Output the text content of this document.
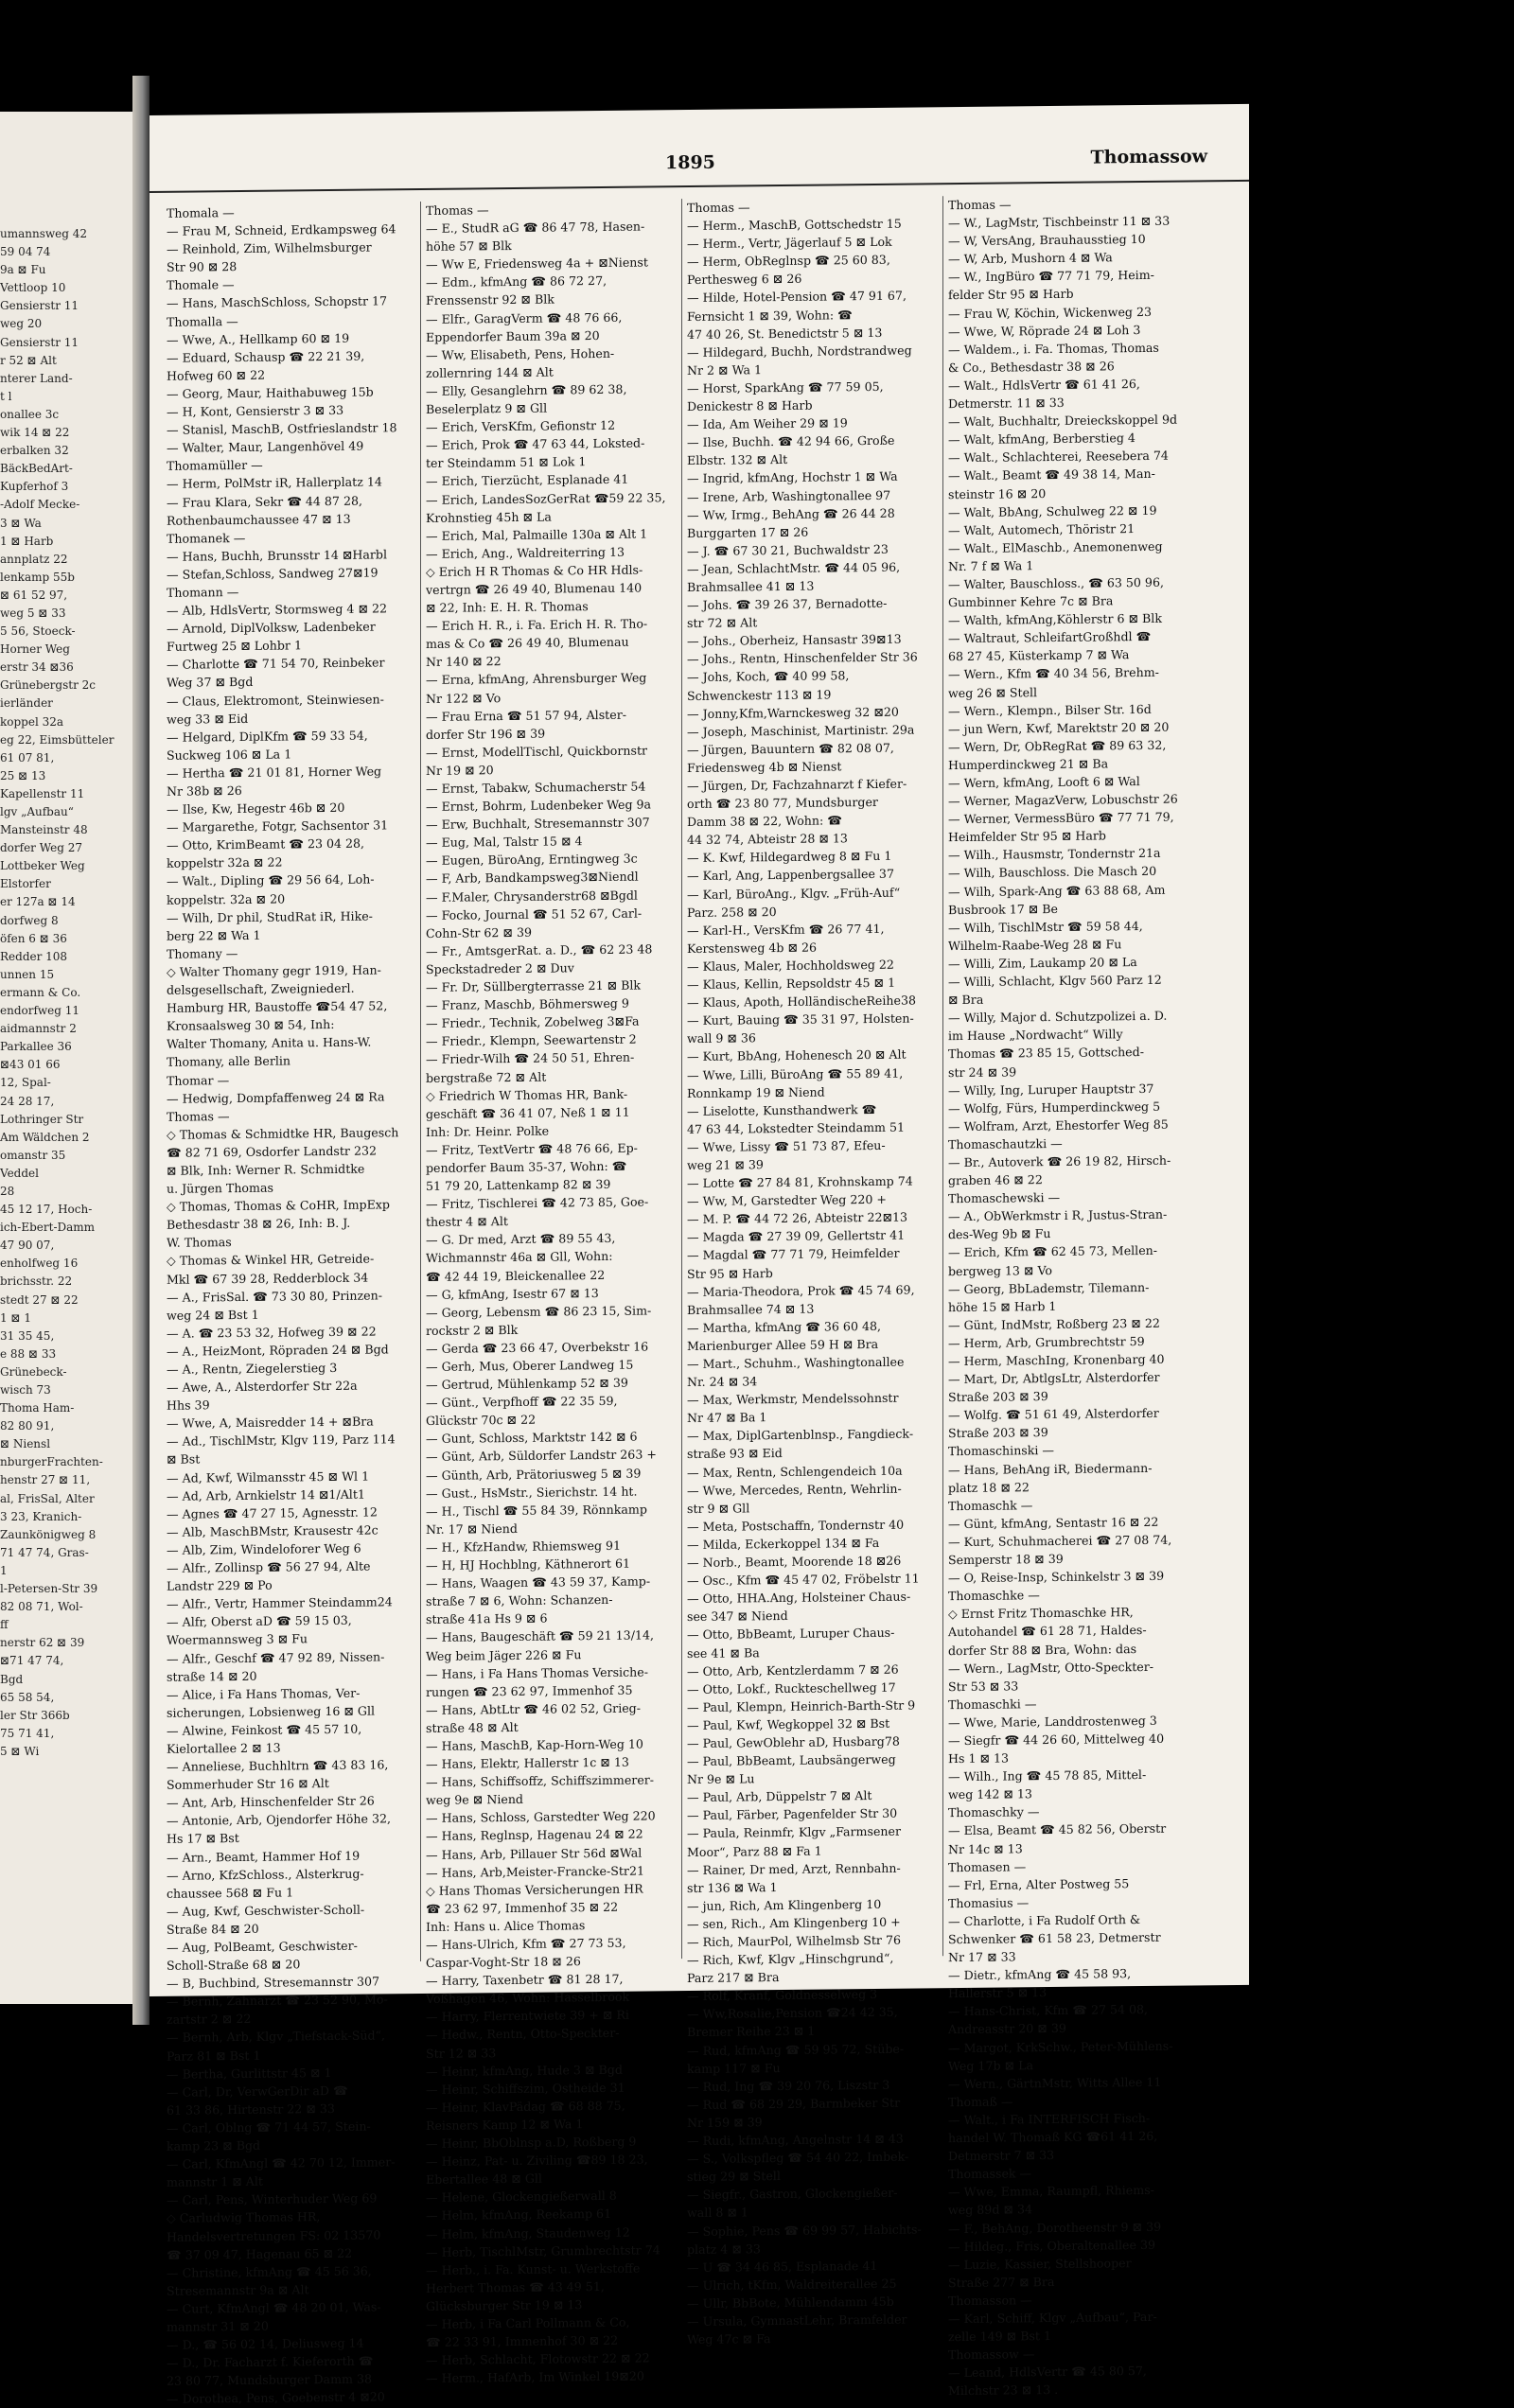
umannsweg 42
59 04 74
9a ⊠ Fu
Vettloop 10
Gensierstr 11
weg 20
Gensierstr 11
r 52 ⊠ Alt
nterer Land-
t l
onallee 3c
wik 14 ⊠ 22
erbalken 32
BäckBedArt-
Kupferhof 3
-Adolf Mecke-
3 ⊠ Wa
1 ⊠ Harb
annplatz 22
lenkamp 55b
⊠ 61 52 97,
weg 5 ⊠ 33
5 56, Stoeck-
Horner Weg
erstr 34 ⊠36
Grünebergstr 2c
ierländer
koppel 32a
eg 22, Eimsbütteler
61 07 81,
25 ⊠ 13
Kapellenstr 11
lgv „Aufbau“
Mansteinstr 48
dorfer Weg 27
Lottbeker Weg
Elstorfer
er 127a ⊠ 14
dorfweg 8
öfen 6 ⊠ 36
Redder 108
unnen 15
ermann & Co.
endorfweg 11
aidmannstr 2
Parkallee 36
⊠43 01 66
12, Spal-
24 28 17,
Lothringer Str
Am Wäldchen 2
omanstr 35
Veddel
28
45 12 17, Hoch-
ich-Ebert-Damm
47 90 07,
enholfweg 16
brichsstr. 22
stedt 27 ⊠ 22
1 ⊠ 1
31 35 45,
e 88 ⊠ 33
Grünebeck-
wisch 73
Thoma Ham-
82 80 91,
⊠ Niensl
nburgerFrachten-
henstr 27 ⊠ 11,
al, FrisSal, Alter
3 23, Kranich-
Zaunkönigweg 8
71 47 74, Gras-
1
l-Petersen-Str 39
82 08 71, Wol-
ff
nerstr 62 ⊠ 39
⊠71 47 74,
Bgd
65 58 54,
ler Str 366b
75 71 41,
5 ⊠ Wi
1895	Thomassow
Thomala —
— Frau M, Schneid, Erdkampsweg 64
— Reinhold, Zim, Wilhelmsburger
Str 90 ⊠ 28
Thomale —
— Hans, MaschSchloss, Schopstr 17
Thomalla —
— Wwe, A., Hellkamp 60 ⊠ 19
— Eduard, Schausp ☎ 22 21 39,
Hofweg 60 ⊠ 22
— Georg, Maur, Haithabuweg 15b
— H, Kont, Gensierstr 3 ⊠ 33
— Stanisl, MaschB, Ostfrieslandstr 18
— Walter, Maur, Langenhövel 49
Thomamüller —
— Herm, PolMstr iR, Hallerplatz 14
— Frau Klara, Sekr ☎ 44 87 28,
Rothenbaumchaussee 47 ⊠ 13
Thomanek —
— Hans, Buchh, Brunsstr 14 ⊠Harbl
— Stefan,Schloss, Sandweg 27⊠19
Thomann —
— Alb, HdlsVertr, Stormsweg 4 ⊠ 22
— Arnold, DiplVolksw, Ladenbeker
Furtweg 25 ⊠ Lohbr 1
— Charlotte ☎ 71 54 70, Reinbeker
Weg 37 ⊠ Bgd
— Claus, Elektromont, Steinwiesen-
weg 33 ⊠ Eid
— Helgard, DiplKfm ☎ 59 33 54,
Suckweg 106 ⊠ La 1
— Hertha ☎ 21 01 81, Horner Weg
Nr 38b ⊠ 26
— Ilse, Kw, Hegestr 46b ⊠ 20
— Margarethe, Fotgr, Sachsentor 31
— Otto, KrimBeamt ☎ 23 04 28,
koppelstr 32a ⊠ 22
— Walt., Dipling ☎ 29 56 64, Loh-
koppelstr. 32a ⊠ 20
— Wilh, Dr phil, StudRat iR, Hike-
berg 22 ⊠ Wa 1
Thomany —
◇ Walter Thomany gegr 1919, Han-
delsgesellschaft, Zweigniederl.
Hamburg HR, Baustoffe ☎54 47 52,
Kronsaalsweg 30 ⊠ 54, Inh:
Walter Thomany, Anita u. Hans-W.
Thomany, alle Berlin
Thomar —
— Hedwig, Dompfaffenweg 24 ⊠ Ra
Thomas —
◇ Thomas & Schmidtke HR, Baugesch
☎ 82 71 69, Osdorfer Landstr 232
⊠ Blk, Inh: Werner R. Schmidtke
u. Jürgen Thomas
◇ Thomas, Thomas & CoHR, ImpExp
Bethesdastr 38 ⊠ 26, Inh: B. J.
W. Thomas
◇ Thomas & Winkel HR, Getreide-
Mkl ☎ 67 39 28, Redderblock 34
— A., FrisSal. ☎ 73 30 80, Prinzen-
weg 24 ⊠ Bst 1
— A. ☎ 23 53 32, Hofweg 39 ⊠ 22
— A., HeizMont, Röpraden 24 ⊠ Bgd
— A., Rentn, Ziegelerstieg 3
— Awe, A., Alsterdorfer Str 22a
Hhs 39
— Wwe, A, Maisredder 14 + ⊠Bra
— Ad., TischlMstr, Klgv 119, Parz 114
⊠ Bst
— Ad, Kwf, Wilmansstr 45 ⊠ Wl 1
— Ad, Arb, Arnkielstr 14 ⊠1/Alt1
— Agnes ☎ 47 27 15, Agnesstr. 12
— Alb, MaschBMstr, Krausestr 42c
— Alb, Zim, Windeloforer Weg 6
— Alfr., Zollinsp ☎ 56 27 94, Alte
Landstr 229 ⊠ Po
— Alfr., Vertr, Hammer Steindamm24
— Alfr, Oberst aD ☎ 59 15 03,
Woermannsweg 3 ⊠ Fu
— Alfr., Geschf ☎ 47 92 89, Nissen-
straße 14 ⊠ 20
— Alice, i Fa Hans Thomas, Ver-
sicherungen, Lobsienweg 16 ⊠ Gll
— Alwine, Feinkost ☎ 45 57 10,
Kielortallee 2 ⊠ 13
— Anneliese, Buchhltrn ☎ 43 83 16,
Sommerhuder Str 16 ⊠ Alt
— Ant, Arb, Hinschenfelder Str 26
— Antonie, Arb, Ojendorfer Höhe 32,
Hs 17 ⊠ Bst
— Arn., Beamt, Hammer Hof 19
— Arno, KfzSchloss., Alsterkrug-
chaussee 568 ⊠ Fu 1
— Aug, Kwf, Geschwister-Scholl-
Straße 84 ⊠ 20
— Aug, PolBeamt, Geschwister-
Scholl-Straße 68 ⊠ 20
— B, Buchbind, Stresemannstr 307
— Bernh, Zahnarzt ☎ 23 52 90, Mo-
zartstr 2 ⊠ 22
— Bernh, Arb, Klgv „Tiefstack-Süd“,
Parz 81 ⊠ Bst 1
— Bertha, Gurlittstr 45 ⊠ 1
— Carl, Dr, VerwGerDir aD ☎
61 33 86, Hirtenstr 22 ⊠ 33
— Carl, Oblng ☎ 71 44 57, Stein-
kamp 23 ⊠ Bgd
— Carl, KfmAngl ☎ 42 70 12, Immer-
mannstr 1 ⊠ Alt
— Carl, Pens, Winterhuder Weg 69
◇ Carludwig Thomas HR,
Handelsvertretungen FS: 02 13570
☎ 37 09 47, Hagenau 65 ⊠ 22
— Christine, kfmAng ☎ 45 56 36,
Stresemannstr 9a ⊠ Alt
— Curt, KfmAngl ☎ 48 20 01, Was-
mannstr 31 ⊠ 20
— D., ☎ 56 02 14, Deliusweg 14
— D., Dr. Facharzt f. Kieferorth ☎
23 80 77, Mundsburger Damm 38
— Dorothea, Pens, Goebenstr 4 ⊠20
Thomas —
— E., StudR aG ☎ 86 47 78, Hasen-
höhe 57 ⊠ Blk
— Ww E, Friedensweg 4a + ⊠Nienst
— Edm., kfmAng ☎ 86 72 27,
Frenssenstr 92 ⊠ Blk
— Elfr., GaragVerm ☎ 48 76 66,
Eppendorfer Baum 39a ⊠ 20
— Ww, Elisabeth, Pens, Hohen-
zollernring 144 ⊠ Alt
— Elly, Gesanglehrn ☎ 89 62 38,
Beselerplatz 9 ⊠ Gll
— Erich, VersKfm, Gefionstr 12
— Erich, Prok ☎ 47 63 44, Loksted-
ter Steindamm 51 ⊠ Lok 1
— Erich, Tierzücht, Esplanade 41
— Erich, LandesSozGerRat ☎59 22 35,
Krohnstieg 45h ⊠ La
— Erich, Mal, Palmaille 130a ⊠ Alt 1
— Erich, Ang., Waldreiterring 13
◇ Erich H R Thomas & Co HR Hdls-
vertrgn ☎ 26 49 40, Blumenau 140
⊠ 22, Inh: E. H. R. Thomas
— Erich H. R., i. Fa. Erich H. R. Tho-
mas & Co ☎ 26 49 40, Blumenau
Nr 140 ⊠ 22
— Erna, kfmAng, Ahrensburger Weg
Nr 122 ⊠ Vo
— Frau Erna ☎ 51 57 94, Alster-
dorfer Str 196 ⊠ 39
— Ernst, ModellTischl, Quickbornstr
Nr 19 ⊠ 20
— Ernst, Tabakw, Schumacherstr 54
— Ernst, Bohrm, Ludenbeker Weg 9a
— Erw, Buchhalt, Stresemannstr 307
— Eug, Mal, Talstr 15 ⊠ 4
— Eugen, BüroAng, Erntingweg 3c
— F, Arb, Bandkampsweg3⊠Niendl
— F.Maler, Chrysanderstr68 ⊠Bgdl
— Focko, Journal ☎ 51 52 67, Carl-
Cohn-Str 62 ⊠ 39
— Fr., AmtsgerRat. a. D., ☎ 62 23 48
Speckstadreder 2 ⊠ Duv
— Fr. Dr, Süllbergterrasse 21 ⊠ Blk
— Franz, Maschb, Böhmersweg 9
— Friedr., Technik, Zobelweg 3⊠Fa
— Friedr., Klempn, Seewartenstr 2
— Friedr-Wilh ☎ 24 50 51, Ehren-
bergstraße 72 ⊠ Alt
◇ Friedrich W Thomas HR, Bank-
geschäft ☎ 36 41 07, Neß 1 ⊠ 11
Inh: Dr. Heinr. Polke
— Fritz, TextVertr ☎ 48 76 66, Ep-
pendorfer Baum 35-37, Wohn: ☎
51 79 20, Lattenkamp 82 ⊠ 39
— Fritz, Tischlerei ☎ 42 73 85, Goe-
thestr 4 ⊠ Alt
— G. Dr med, Arzt ☎ 89 55 43,
Wichmannstr 46a ⊠ Gll, Wohn:
☎ 42 44 19, Bleickenallee 22
— G, kfmAng, Isestr 67 ⊠ 13
— Georg, Lebensm ☎ 86 23 15, Sim-
rockstr 2 ⊠ Blk
— Gerda ☎ 23 66 47, Overbekstr 16
— Gerh, Mus, Oberer Landweg 15
— Gertrud, Mühlenkamp 52 ⊠ 39
— Günt., Verpfhoff ☎ 22 35 59,
Glückstr 70c ⊠ 22
— Gunt, Schloss, Marktstr 142 ⊠ 6
— Günt, Arb, Süldorfer Landstr 263 +
— Günth, Arb, Prätoriusweg 5 ⊠ 39
— Gust., HsMstr., Sierichstr. 14 ht.
— H., Tischl ☎ 55 84 39, Rönnkamp
Nr. 17 ⊠ Niend
— H., KfzHandw, Rhiemsweg 91
— H, HJ Hochblng, Käthnerort 61
— Hans, Waagen ☎ 43 59 37, Kamp-
straße 7 ⊠ 6, Wohn: Schanzen-
straße 41a Hs 9 ⊠ 6
— Hans, Baugeschäft ☎ 59 21 13/14,
Weg beim Jäger 226 ⊠ Fu
— Hans, i Fa Hans Thomas Versiche-
rungen ☎ 23 62 97, Immenhof 35
— Hans, AbtLtr ☎ 46 02 52, Grieg-
straße 48 ⊠ Alt
— Hans, MaschB, Kap-Horn-Weg 10
— Hans, Elektr, Hallerstr 1c ⊠ 13
— Hans, Schiffsoffz, Schiffszimmerer-
weg 9e ⊠ Niend
— Hans, Schloss, Garstedter Weg 220
— Hans, Reglnsp, Hagenau 24 ⊠ 22
— Hans, Arb, Pillauer Str 56d ⊠Wal
— Hans, Arb,Meister-Francke-Str21
◇ Hans Thomas Versicherungen HR
☎ 23 62 97, Immenhof 35 ⊠ 22
Inh: Hans u. Alice Thomas
— Hans-Ulrich, Kfm ☎ 27 73 53,
Caspar-Voght-Str 18 ⊠ 26
— Harry, Taxenbetr ☎ 81 28 17,
Voßhagen 46, Wohn: Hasselbrook
— Harry, Flerrentwiete 39 + ⊠ Ri
— Hedw., Rentn, Otto-Speckter-
Str 12 ⊠ 33
— Heinr, kfmAng, Hude 3 ⊠ Bgd
— Heinr, Schiffszim, Ostheide 31
— Heinr, KlavPädag ☎ 68 88 75,
Reisners Kamp 12 ⊠ Wa 1
— Heinr, BbOblnsp a.D, Roßberg 9
— Heinz, Pat- u. Ziviling ☎89 18 23,
Ebertallee 48 ⊠ Gll
— Helene, Glockengießerwall 8
— Helm, kfmAng, Reekamp 61
— Helm, kfmAng, Staudenweg 12
— Herb, TischlMstr, Grumbrechtstr 74
— Herb., i. Fa. Kunst- u. Werkstoffe
Herbert Thomas ☎ 43 49 51,
Glücksburger Str 19 ⊠ 13
— Herb, i Fa Carl Pollmann & Co,
☎ 22 33 91, Immenhof 30 ⊠ 22
— Herb, Schlacht, Flotowstr 22 ⊠ 22
— Herm., HafArb, Im Winkel 19⊠20
Thomas —
— Herm., MaschB, Gottschedstr 15
— Herm., Vertr, Jägerlauf 5 ⊠ Lok
— Herm, ObReglnsp ☎ 25 60 83,
Perthesweg 6 ⊠ 26
— Hilde, Hotel-Pension ☎ 47 91 67,
Fernsicht 1 ⊠ 39, Wohn: ☎
47 40 26, St. Benedictstr 5 ⊠ 13
— Hildegard, Buchh, Nordstrandweg
Nr 2 ⊠ Wa 1
— Horst, SparkAng ☎ 77 59 05,
Denickestr 8 ⊠ Harb
— Ida, Am Weiher 29 ⊠ 19
— Ilse, Buchh. ☎ 42 94 66, Große
Elbstr. 132 ⊠ Alt
— Ingrid, kfmAng, Hochstr 1 ⊠ Wa
— Irene, Arb, Washingtonallee 97
— Ww, Irmg., BehAng ☎ 26 44 28
Burggarten 17 ⊠ 26
— J. ☎ 67 30 21, Buchwaldstr 23
— Jean, SchlachtMstr. ☎ 44 05 96,
Brahmsallee 41 ⊠ 13
— Johs. ☎ 39 26 37, Bernadotte-
str 72 ⊠ Alt
— Johs., Oberheiz, Hansastr 39⊠13
— Johs., Rentn, Hinschenfelder Str 36
— Johs, Koch, ☎ 40 99 58,
Schwenckestr 113 ⊠ 19
— Jonny,Kfm,Warnckesweg 32 ⊠20
— Joseph, Maschinist, Martinistr. 29a
— Jürgen, Bauuntern ☎ 82 08 07,
Friedensweg 4b ⊠ Nienst
— Jürgen, Dr, Fachzahnarzt f Kiefer-
orth ☎ 23 80 77, Mundsburger
Damm 38 ⊠ 22, Wohn: ☎
44 32 74, Abteistr 28 ⊠ 13
— K. Kwf, Hildegardweg 8 ⊠ Fu 1
— Karl, Ang, Lappenbergsallee 37
— Karl, BüroAng., Klgv. „Früh-Auf“
Parz. 258 ⊠ 20
— Karl-H., VersKfm ☎ 26 77 41,
Kerstensweg 4b ⊠ 26
— Klaus, Maler, Hochholdsweg 22
— Klaus, Kellin, Repsoldstr 45 ⊠ 1
— Klaus, Apoth, HolländischeReihe38
— Kurt, Bauing ☎ 35 31 97, Holsten-
wall 9 ⊠ 36
— Kurt, BbAng, Hohenesch 20 ⊠ Alt
— Wwe, Lilli, BüroAng ☎ 55 89 41,
Ronnkamp 19 ⊠ Niend
— Liselotte, Kunsthandwerk ☎
47 63 44, Lokstedter Steindamm 51
— Wwe, Lissy ☎ 51 73 87, Efeu-
weg 21 ⊠ 39
— Lotte ☎ 27 84 81, Krohnskamp 74
— Ww, M, Garstedter Weg 220 +
— M. P. ☎ 44 72 26, Abteistr 22⊠13
— Magda ☎ 27 39 09, Gellertstr 41
— Magdal ☎ 77 71 79, Heimfelder
Str 95 ⊠ Harb
— Maria-Theodora, Prok ☎ 45 74 69,
Brahmsallee 74 ⊠ 13
— Martha, kfmAng ☎ 36 60 48,
Marienburger Allee 59 H ⊠ Bra
— Mart., Schuhm., Washingtonallee
Nr. 24 ⊠ 34
— Max, Werkmstr, Mendelssohnstr
Nr 47 ⊠ Ba 1
— Max, DiplGartenblnsp., Fangdieck-
straße 93 ⊠ Eid
— Max, Rentn, Schlengendeich 10a
— Wwe, Mercedes, Rentn, Wehrlin-
str 9 ⊠ Gll
— Meta, Postschaffn, Tondernstr 40
— Milda, Eckerkoppel 134 ⊠ Fa
— Norb., Beamt, Moorende 18 ⊠26
— Osc., Kfm ☎ 45 47 02, Fröbelstr 11
— Otto, HHA.Ang, Holsteiner Chaus-
see 347 ⊠ Niend
— Otto, BbBeamt, Luruper Chaus-
see 41 ⊠ Ba
— Otto, Arb, Kentzlerdamm 7 ⊠ 26
— Otto, Lokf., Ruckteschellweg 17
— Paul, Klempn, Heinrich-Barth-Str 9
— Paul, Kwf, Wegkoppel 32 ⊠ Bst
— Paul, GewOblehr aD, Husbarg78
— Paul, BbBeamt, Laubsängerweg
Nr 9e ⊠ Lu
— Paul, Arb, Düppelstr 7 ⊠ Alt
— Paul, Färber, Pagenfelder Str 30
— Paula, Reinmfr, Klgv „Farmsener
Moor“, Parz 88 ⊠ Fa 1
— Rainer, Dr med, Arzt, Rennbahn-
str 136 ⊠ Wa 1
— jun, Rich, Am Klingenberg 10
— sen, Rich., Am Klingenberg 10 +
— Rich, MaurPol, Wilhelmsb Str 76
— Rich, Kwf, Klgv „Hinschgrund“,
Parz 217 ⊠ Bra
— Rolf, Kranf, Goldnesselweg 3
— Ww,Rosalie,Pension ☎24 42 35,
Bremer Reihe 23 ⊠ 1
— Rud, kfmAng ☎ 59 95 72, Stübe-
kamp 117 ⊠ Fu
— Rud, Ing ☎ 39 20 76, Liszstr 3
— Rud ☎ 68 29 29, Barmbeker Str
Nr 159 ⊠ 39
— Rudi, kfmAng, Angelnstr 14 ⊠ 43
— S., Volkspfleg ☎ 54 40 22, Imbek-
stieg 29 ⊠ Stell
— Siegfr., Gastron, Glockengießer-
wall 8 ⊠ 1
— Sophie, Pens ☎ 69 99 57, Habichts-
platz 4 ⊠ 33
— U ☎ 34 46 85, Esplanade 41
— Ulrich, tKfm, Waldreiterallee 25
— Ullr, BbBote, Mühlendamm 45b
— Ursula, GymnastLehr, Bramfelder
Weg 47c ⊠ Fa
Thomas —
— W., LagMstr, Tischbeinstr 11 ⊠ 33
— W, VersAng, Brauhausstieg 10
— W, Arb, Mushorn 4 ⊠ Wa
— W., IngBüro ☎ 77 71 79, Heim-
felder Str 95 ⊠ Harb
— Frau W, Köchin, Wickenweg 23
— Wwe, W, Röprade 24 ⊠ Loh 3
— Waldem., i. Fa. Thomas, Thomas
& Co., Bethesdastr 38 ⊠ 26
— Walt., HdlsVertr ☎ 61 41 26,
Detmerstr. 11 ⊠ 33
— Walt, Buchhaltr, Dreieckskoppel 9d
— Walt, kfmAng, Berberstieg 4
— Walt., Schlachterei, Reesebera 74
— Walt., Beamt ☎ 49 38 14, Man-
steinstr 16 ⊠ 20
— Walt, BbAng, Schulweg 22 ⊠ 19
— Walt, Automech, Thöristr 21
— Walt., ElMaschb., Anemonenweg
Nr. 7 f ⊠ Wa 1
— Walter, Bauschloss., ☎ 63 50 96,
Gumbinner Kehre 7c ⊠ Bra
— Walth, kfmAng,Köhlerstr 6 ⊠ Blk
— Waltraut, SchleifartGroßhdl ☎
68 27 45, Küsterkamp 7 ⊠ Wa
— Wern., Kfm ☎ 40 34 56, Brehm-
weg 26 ⊠ Stell
— Wern., Klempn., Bilser Str. 16d
— jun Wern, Kwf, Marektstr 20 ⊠ 20
— Wern, Dr, ObRegRat ☎ 89 63 32,
Humperdinckweg 21 ⊠ Ba
— Wern, kfmAng, Looft 6 ⊠ Wal
— Werner, MagazVerw, Lobuschstr 26
— Werner, VermessBüro ☎ 77 71 79,
Heimfelder Str 95 ⊠ Harb
— Wilh., Hausmstr, Tondernstr 21a
— Wilh, Bauschloss. Die Masch 20
— Wilh, Spark-Ang ☎ 63 88 68, Am
Busbrook 17 ⊠ Be
— Wilh, TischlMstr ☎ 59 58 44,
Wilhelm-Raabe-Weg 28 ⊠ Fu
— Willi, Zim, Laukamp 20 ⊠ La
— Willi, Schlacht, Klgv 560 Parz 12
⊠ Bra
— Willy, Major d. Schutzpolizei a. D.
im Hause „Nordwacht“ Willy
Thomas ☎ 23 85 15, Gottsched-
str 24 ⊠ 39
— Willy, Ing, Luruper Hauptstr 37
— Wolfg, Fürs, Humperdinckweg 5
— Wolfram, Arzt, Ehestorfer Weg 85
Thomaschautzki —
— Br., Autoverk ☎ 26 19 82, Hirsch-
graben 46 ⊠ 22
Thomaschewski —
— A., ObWerkmstr i R, Justus-Stran-
des-Weg 9b ⊠ Fu
— Erich, Kfm ☎ 62 45 73, Mellen-
bergweg 13 ⊠ Vo
— Georg, BbLademstr, Tilemann-
höhe 15 ⊠ Harb 1
— Günt, IndMstr, Roßberg 23 ⊠ 22
— Herm, Arb, Grumbrechtstr 59
— Herm, MaschIng, Kronenbarg 40
— Mart, Dr, AbtlgsLtr, Alsterdorfer
Straße 203 ⊠ 39
— Wolfg. ☎ 51 61 49, Alsterdorfer
Straße 203 ⊠ 39
Thomaschinski —
— Hans, BehAng iR, Biedermann-
platz 18 ⊠ 22
Thomaschk —
— Günt, kfmAng, Sentastr 16 ⊠ 22
— Kurt, Schuhmacherei ☎ 27 08 74,
Semperstr 18 ⊠ 39
— O, Reise-Insp, Schinkelstr 3 ⊠ 39
Thomaschke —
◇ Ernst Fritz Thomaschke HR,
Autohandel ☎ 61 28 71, Haldes-
dorfer Str 88 ⊠ Bra, Wohn: das
— Wern., LagMstr, Otto-Speckter-
Str 53 ⊠ 33
Thomaschki —
— Wwe, Marie, Landdrostenweg 3
— Siegfr ☎ 44 26 60, Mittelweg 40
Hs 1 ⊠ 13
— Wilh., Ing ☎ 45 78 85, Mittel-
weg 142 ⊠ 13
Thomaschky —
— Elsa, Beamt ☎ 45 82 56, Oberstr
Nr 14c ⊠ 13
Thomasen —
— Frl, Erna, Alter Postweg 55
Thomasius —
— Charlotte, i Fa Rudolf Orth &
Schwenker ☎ 61 58 23, Detmerstr
Nr 17 ⊠ 33
— Dietr., kfmAng ☎ 45 58 93,
Hallerstr 5 ⊠ 13
— Hans-Christ, Kfm ☎ 27 54 08,
Andreasstr 20 ⊠ 39
— Margot, KrkSchw., Peter-Mühlens-
Weg 17b ⊠ La
— Wern., GärtnMstr, Witts Allee 11
Thomaß —
— Walt., i Fa INTERFISCH Fisch-
handel W. Thomaß KG ☎61 41 26,
Detmerstr 7 ⊠ 33
Thomassek —
— Wwe, Emma, Raumpfl, Rhiems-
weg 89d ⊠ 34
— F., BehAng, Dorotheenstr 9 ⊠ 39
— Hildeg., Fris, Oberaltenallee 39
— Luzie, Kassier, Stellshooper
Straße 277 ⊠ Bra
Thomasson —
— Karl, Schiff, Klgv „Aufbau“, Par-
zelle 149 ⊠ Bst 1
Thomassow —
— Leand, HdlsVertr ☎ 45 80 57,
Milchstr 23 ⊠ 13 .
